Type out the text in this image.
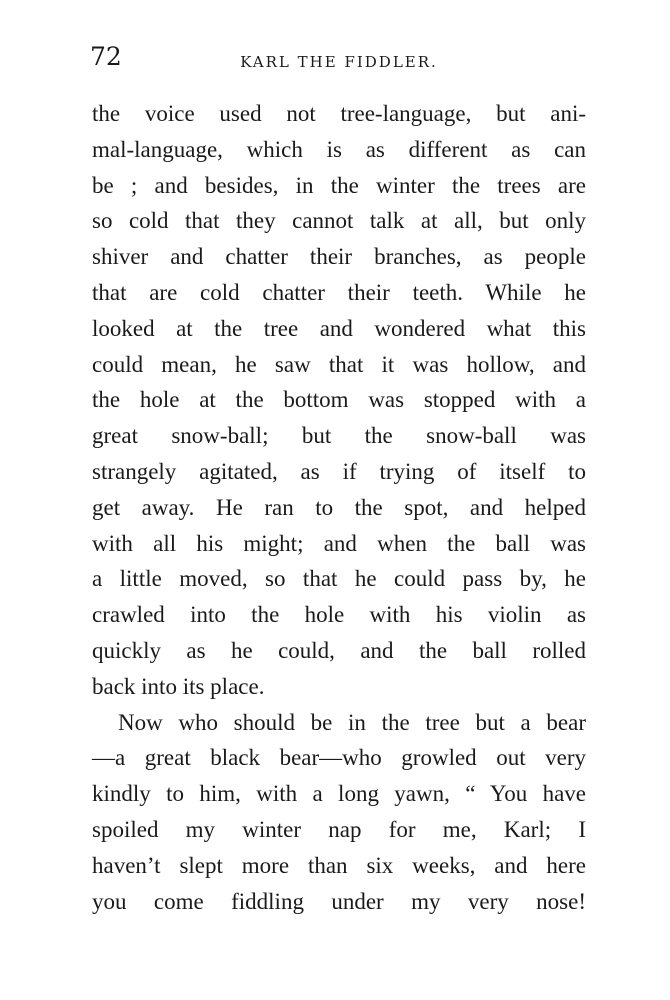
72	KARL THE FIDDLER.
the voice used not tree-language, but ani-
mal-language, which is as different as can
be ; and besides, in the winter the trees are
so cold that they cannot talk at all, but only
shiver and chatter their branches, as people
that are cold chatter their teeth. While he
looked at the tree and wondered what this
could mean, he saw that it was hollow, and
the hole at the bottom was stopped with a
great snow-ball; but the snow-ball was
strangely agitated, as if trying of itself to
get away. He ran to the spot, and helped
with all his might; and when the ball was
a little moved, so that he could pass by, he
crawled into the hole with his violin as
quickly as he could, and the ball rolled
back into its place.
Now who should be in the tree but a bear
—a great black bear—who growled out very
kindly to him, with a long yawn, “ You have
spoiled my winter nap for me, Karl; I
haven’t slept more than six weeks, and here
you come fiddling under my very nose!
